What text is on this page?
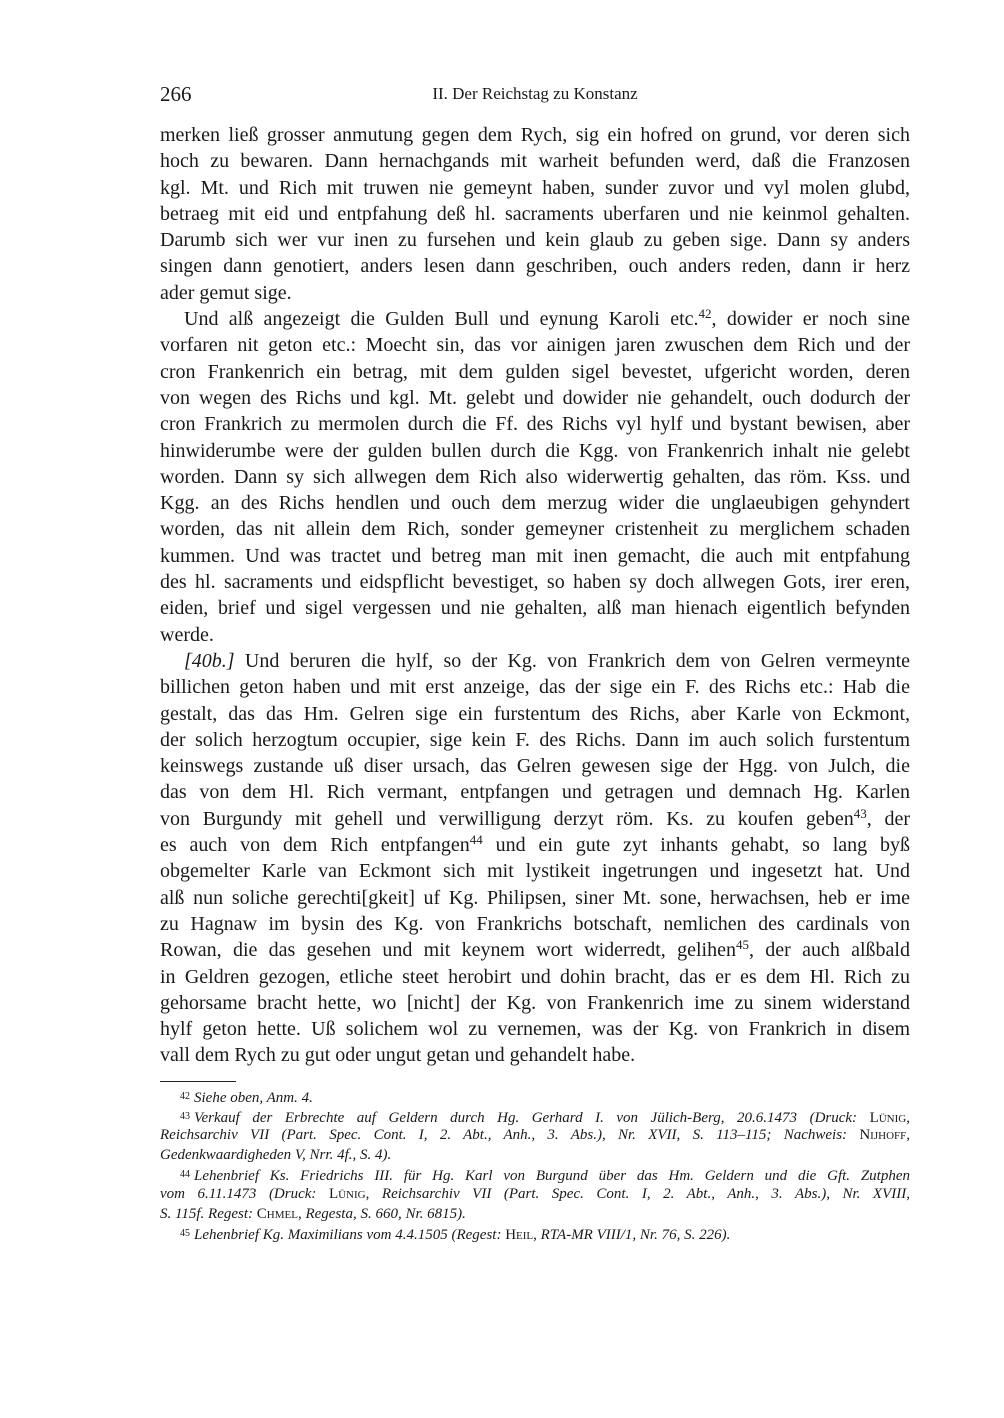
266	II. Der Reichstag zu Konstanz
merken ließ grosser anmutung gegen dem Rych, sig ein hofred on grund, vor deren sich
hoch zu bewaren. Dann hernachgands mit warheit befunden werd, daß die Franzosen
kgl. Mt. und Rich mit truwen nie gemeynt haben, sunder zuvor und vyl molen glubd,
betraeg mit eid und entpfahung deß hl. sacraments uberfaren und nie keinmol gehalten.
Darumb sich wer vur inen zu fursehen und kein glaub zu geben sige. Dann sy anders
singen dann genotiert, anders lesen dann geschriben, ouch anders reden, dann ir herz
ader gemut sige.
Und alß angezeigt die Gulden Bull und eynung Karoli etc.$^{42}$, dowider er noch sine
vorfaren nit geton etc.: Moecht sin, das vor ainigen jaren zwuschen dem Rich und der
cron Frankenrich ein betrag, mit dem gulden sigel bevestet, ufgericht worden, deren
von wegen des Richs und kgl. Mt. gelebt und dowider nie gehandelt, ouch dodurch der
cron Frankrich zu mermolen durch die Ff. des Richs vyl hylf und bystant bewisen, aber
hinwiderumbe were der gulden bullen durch die Kgg. von Frankenrich inhalt nie gelebt
worden. Dann sy sich allwegen dem Rich also widerwertig gehalten, das röm. Kss. und
Kgg. an des Richs hendlen und ouch dem merzug wider die unglaeubigen gehyndert
worden, das nit allein dem Rich, sonder gemeyner cristenheit zu merglichem schaden
kummen. Und was tractet und betreg man mit inen gemacht, die auch mit entpfahung
des hl. sacraments und eidspflicht bevestiget, so haben sy doch allwegen Gots, irer eren,
eiden, brief und sigel vergessen und nie gehalten, alß man hienach eigentlich befynden
werde.
[40b.] Und beruren die hylf, so der Kg. von Frankrich dem von Gelren vermeynte
billichen geton haben und mit erst anzeige, das der sige ein F. des Richs etc.: Hab die
gestalt, das das Hm. Gelren sige ein furstentum des Richs, aber Karle von Eckmont,
der solich herzogtum occupier, sige kein F. des Richs. Dann im auch solich furstentum
keinswegs zustande uß diser ursach, das Gelren gewesen sige der Hgg. von Julch, die
das von dem Hl. Rich vermant, entpfangen und getragen und demnach Hg. Karlen
von Burgundy mit gehell und verwilligung derzyt röm. Ks. zu koufen geben$^{43}$, der
es auch von dem Rich entpfangen$^{44}$ und ein gute zyt inhants gehabt, so lang byß
obgemelter Karle van Eckmont sich mit lystikeit ingetrungen und ingesetzt hat. Und
alß nun soliche gerechti[gkeit] uf Kg. Philipsen, siner Mt. sone, herwachsen, heb er ime
zu Hagnaw im bysin des Kg. von Frankrichs botschaft, nemlichen des cardinals von
Rowan, die das gesehen und mit keynem wort widerredt, gelihen$^{45}$, der auch alßbald
in Geldren gezogen, etliche steet herobirt und dohin bracht, das er es dem Hl. Rich zu
gehorsame bracht hette, wo [nicht] der Kg. von Frankenrich ime zu sinem widerstand
hylf geton hette. Uß solichem wol zu vernemen, was der Kg. von Frankrich in disem
vall dem Rych zu gut oder ungut getan und gehandelt habe.
$^{42}$ Siehe oben, Anm. 4.
$^{43}$ Verkauf der Erbrechte auf Geldern durch Hg. Gerhard I. von Jülich-Berg, 20.6.1473 (Druck: Lünig,
Reichsarchiv VII (Part. Spec. Cont. I, 2. Abt., Anh., 3. Abs.), Nr. XVII, S. 113–115; Nachweis: Nijhoff,
Gedenkwaardigheden V, Nrr. 4f., S. 4).
$^{44}$ Lehenbrief Ks. Friedrichs III. für Hg. Karl von Burgund über das Hm. Geldern und die Gft. Zutphen
vom 6.11.1473 (Druck: Lünig, Reichsarchiv VII (Part. Spec. Cont. I, 2. Abt., Anh., 3. Abs.), Nr. XVIII,
S. 115f. Regest: Chmel, Regesta, S. 660, Nr. 6815).
$^{45}$ Lehenbrief Kg. Maximilians vom 4.4.1505 (Regest: Heil, RTA-MR VIII/1, Nr. 76, S. 226).
